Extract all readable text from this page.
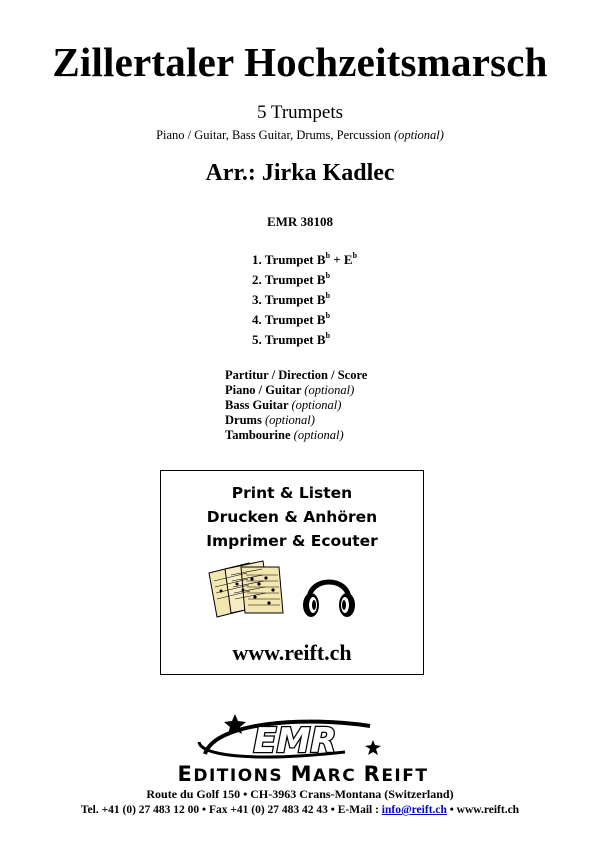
Zillertaler Hochzeitsmarsch
5 Trumpets
Piano / Guitar, Bass Guitar, Drums, Percussion (optional)
Arr.: Jirka Kadlec
EMR 38108
1. Trumpet $B^b + E^b$
2. Trumpet $B^b$
3. Trumpet $B^b$
4. Trumpet $B^b$
5. Trumpet $B^b$
Partitur / Direction / Score
Piano / Guitar (optional)
Bass Guitar (optional)
Drums (optional)
Tambourine (optional)
Print & Listen
Drucken & Anhören
Imprimer & Ecouter
www.reift.ch
EMR
EDITIONS MARC REIFT
Route du Golf 150 • CH-3963 Crans-Montana (Switzerland)
Tel. +41 (0) 27 483 12 00 • Fax +41 (0) 27 483 42 43 • E-Mail : info@reift.ch • www.reift.ch
